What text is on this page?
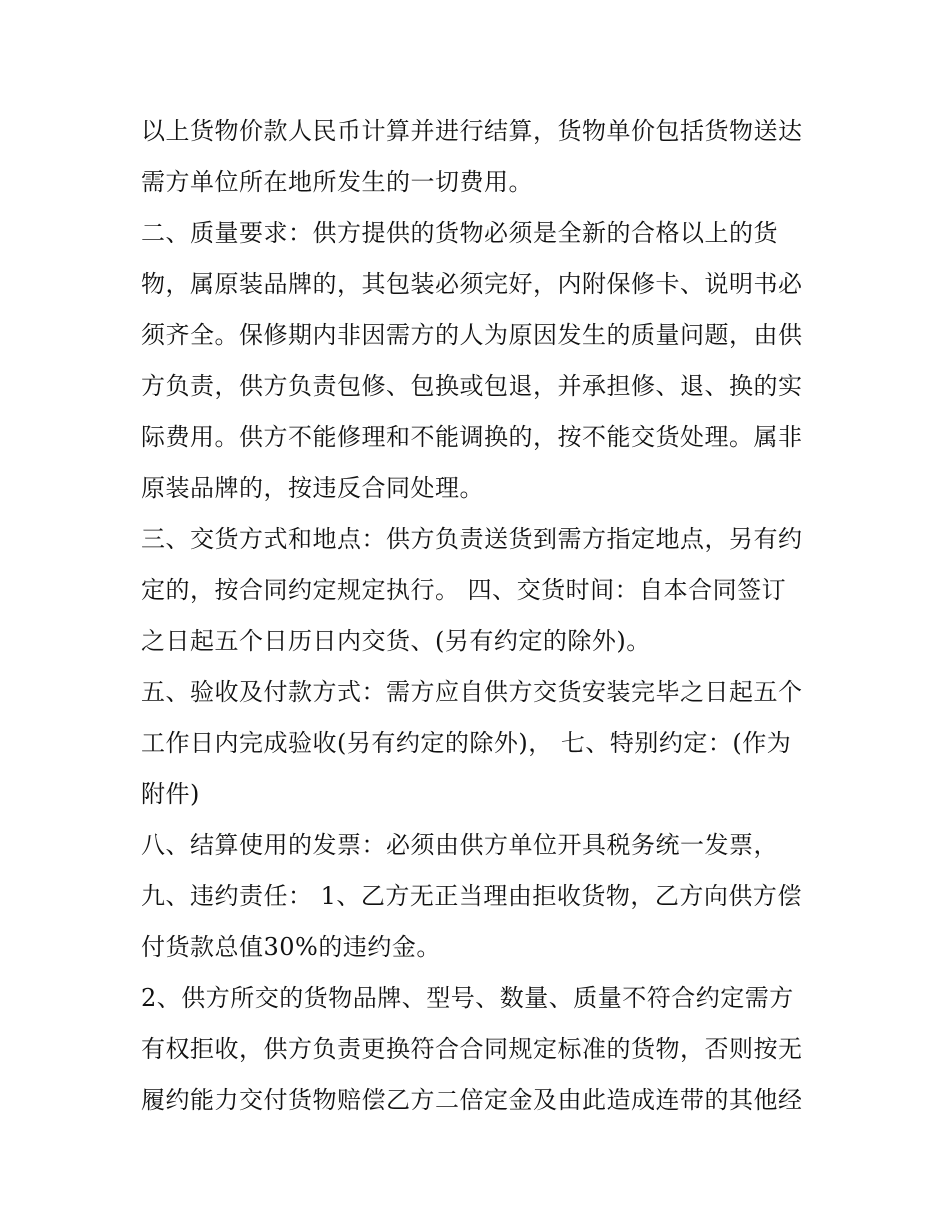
以上货物价款人民币计算并进行结算，货物单价包括货物送达
需方单位所在地所发生的一切费用。
二、质量要求：供方提供的货物必须是全新的合格以上的货
物，属原装品牌的，其包装必须完好，内附保修卡、说明书必
须齐全。保修期内非因需方的人为原因发生的质量问题，由供
方负责，供方负责包修、包换或包退，并承担修、退、换的实
际费用。供方不能修理和不能调换的，按不能交货处理。属非
原装品牌的，按违反合同处理。
三、交货方式和地点：供方负责送货到需方指定地点，另有约
定的，按合同约定规定执行。 四、交货时间：自本合同签订
之日起五个日历日内交货、(另有约定的除外)。
五、验收及付款方式：需方应自供方交货安装完毕之日起五个
工作日内完成验收(另有约定的除外)， 七、特别约定：(作为
附件)
八、结算使用的发票：必须由供方单位开具税务统一发票，
九、违约责任： 1、乙方无正当理由拒收货物，乙方向供方偿
付货款总值30%的违约金。
2、供方所交的货物品牌、型号、数量、质量不符合约定需方
有权拒收，供方负责更换符合合同规定标准的货物，否则按无
履约能力交付货物赔偿乙方二倍定金及由此造成连带的其他经
